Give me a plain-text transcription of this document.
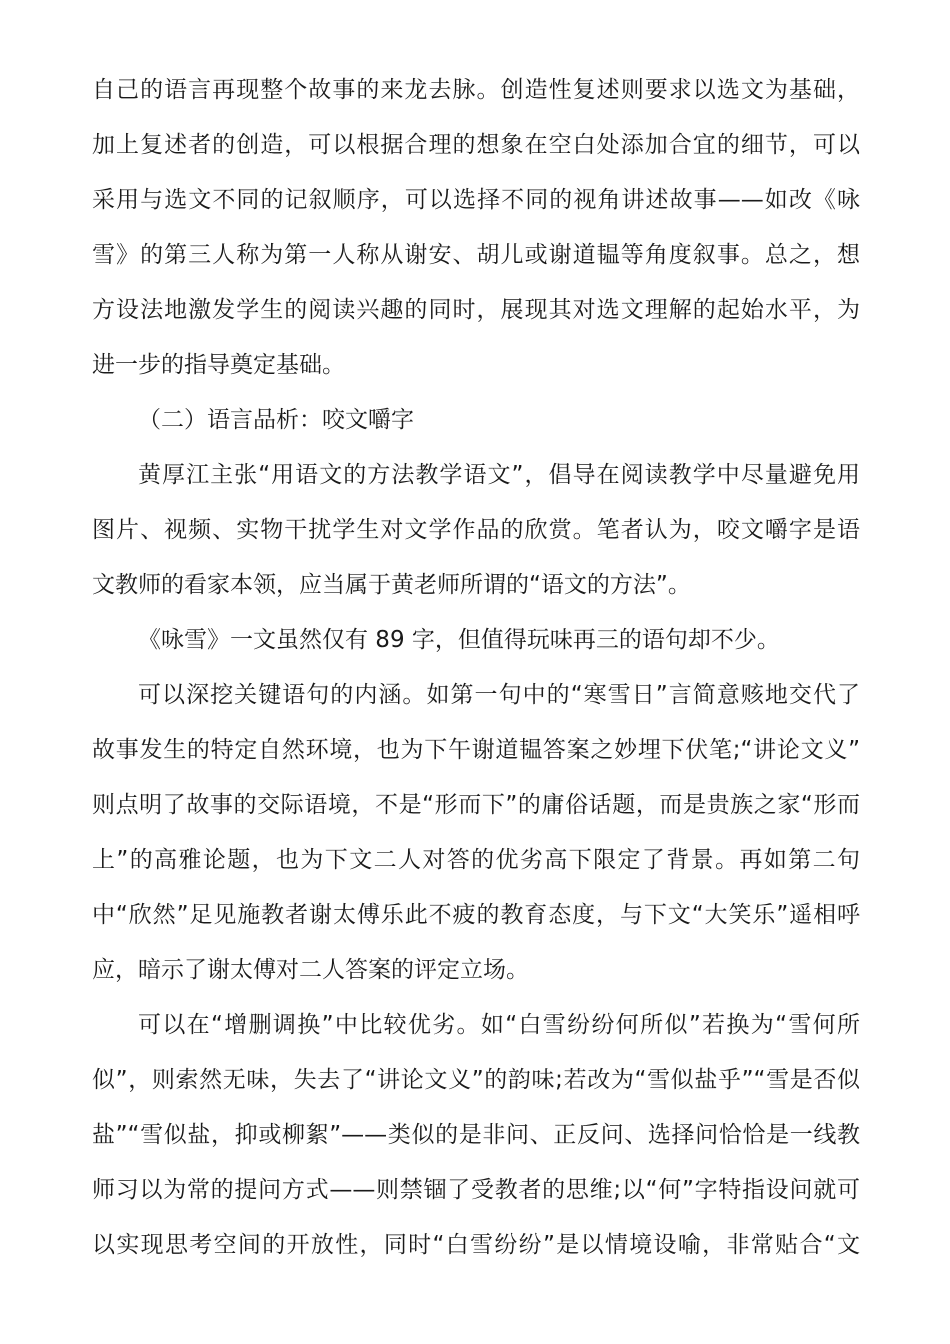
自己的语言再现整个故事的来龙去脉。创造性复述则要求以选文为基础，
加上复述者的创造，可以根据合理的想象在空白处添加合宜的细节，可以
采用与选文不同的记叙顺序，可以选择不同的视角讲述故事——如改《咏
雪》的第三人称为第一人称从谢安、胡儿或谢道韫等角度叙事。总之，想
方设法地激发学生的阅读兴趣的同时，展现其对选文理解的起始水平，为
进一步的指导奠定基础。
（二）语言品析：咬文嚼字
黄厚江主张“用语文的方法教学语文”，倡导在阅读教学中尽量避免用
图片、视频、实物干扰学生对文学作品的欣赏。笔者认为，咬文嚼字是语
文教师的看家本领，应当属于黄老师所谓的“语文的方法”。
《咏雪》一文虽然仅有 89 字，但值得玩味再三的语句却不少。
可以深挖关键语句的内涵。如第一句中的“寒雪日”言简意赅地交代了
故事发生的特定自然环境，也为下午谢道韫答案之妙埋下伏笔;“讲论文义”
则点明了故事的交际语境，不是“形而下”的庸俗话题，而是贵族之家“形而
上”的高雅论题，也为下文二人对答的优劣高下限定了背景。再如第二句
中“欣然”足见施教者谢太傅乐此不疲的教育态度，与下文“大笑乐”遥相呼
应，暗示了谢太傅对二人答案的评定立场。
可以在“增删调换”中比较优劣。如“白雪纷纷何所似”若换为“雪何所
似”，则索然无味，失去了“讲论文义”的韵味;若改为“雪似盐乎”“雪是否似
盐”“雪似盐，抑或柳絮”——类似的是非问、正反问、选择问恰恰是一线教
师习以为常的提问方式——则禁锢了受教者的思维;以“何”字特指设问就可
以实现思考空间的开放性，同时“白雪纷纷”是以情境设喻，非常贴合“文
